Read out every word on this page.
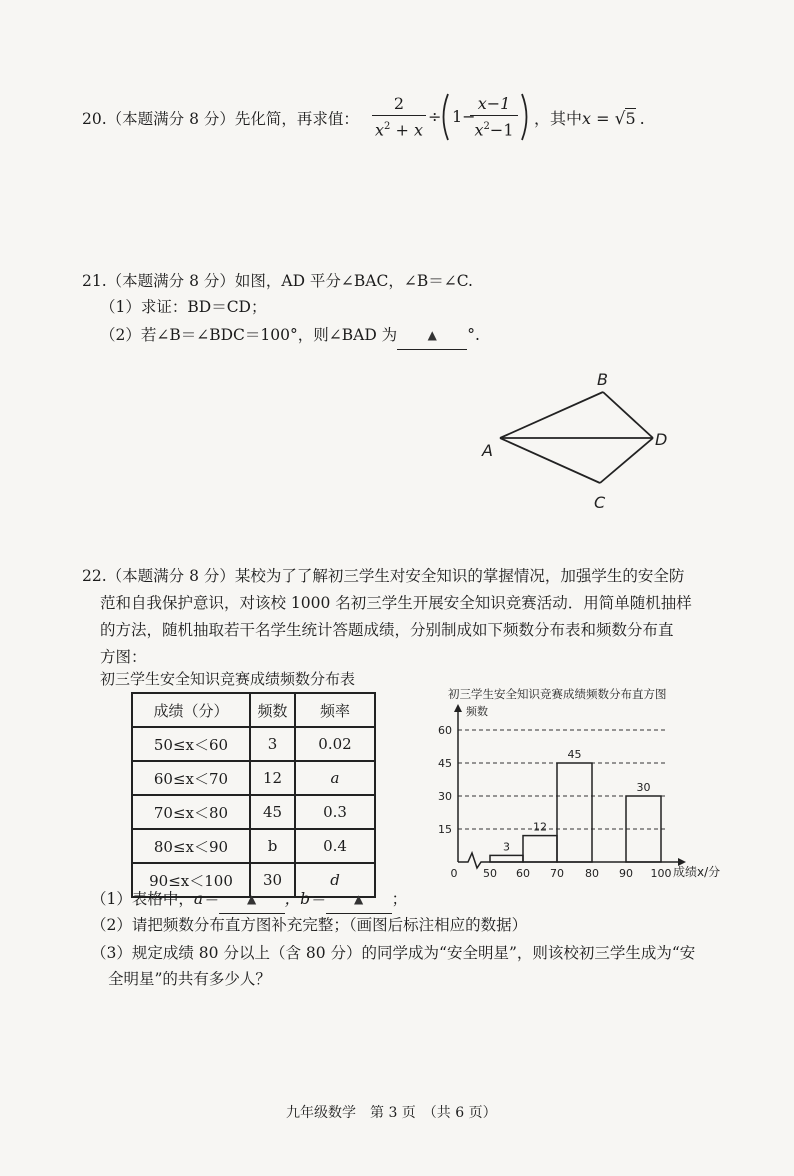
20.（本题满分 8 分）先化简，再求值：
2
$x^2 + x$
÷ 1−
x−1
$x^2-1$
，其中x = √5 .
21.（本题满分 8 分）如图，AD 平分∠BAC，∠B＝∠C.
（1）求证：BD＝CD；
（2）若∠B＝∠BDC＝100°，则∠BAD 为	▲ °.
B
A
D
C
22.（本题满分 8 分）某校为了了解初三学生对安全知识的掌握情况，加强学生的安全防
范和自我保护意识，对该校 1000 名初三学生开展安全知识竞赛活动．用简单随机抽样
的方法，随机抽取若干名学生统计答题成绩，分别制成如下频数分布表和频数分布直
方图：
初三学生安全知识竞赛成绩频数分布表
成绩（分）	频数	频率
50≤x＜60	3	0.02
60≤x＜70	12	a
70≤x＜80	45	0.3
80≤x＜90	b	0.4
90≤x＜100	30	d
初三学生安全知识竞赛成绩频数分布直方图
频数
15
30
45
60
3
12
45
30
0 50 60 70 80 90 100 成绩x/分
（1）表格中，a＝ ▲ ，b＝ ▲ ；
（2）请把频数分布直方图补充完整；（画图后标注相应的数据）
（3）规定成绩 80 分以上（含 80 分）的同学成为“安全明星”，则该校初三学生成为“安
全明星”的共有多少人？
九年级数学　第 3 页　（共 6 页）
